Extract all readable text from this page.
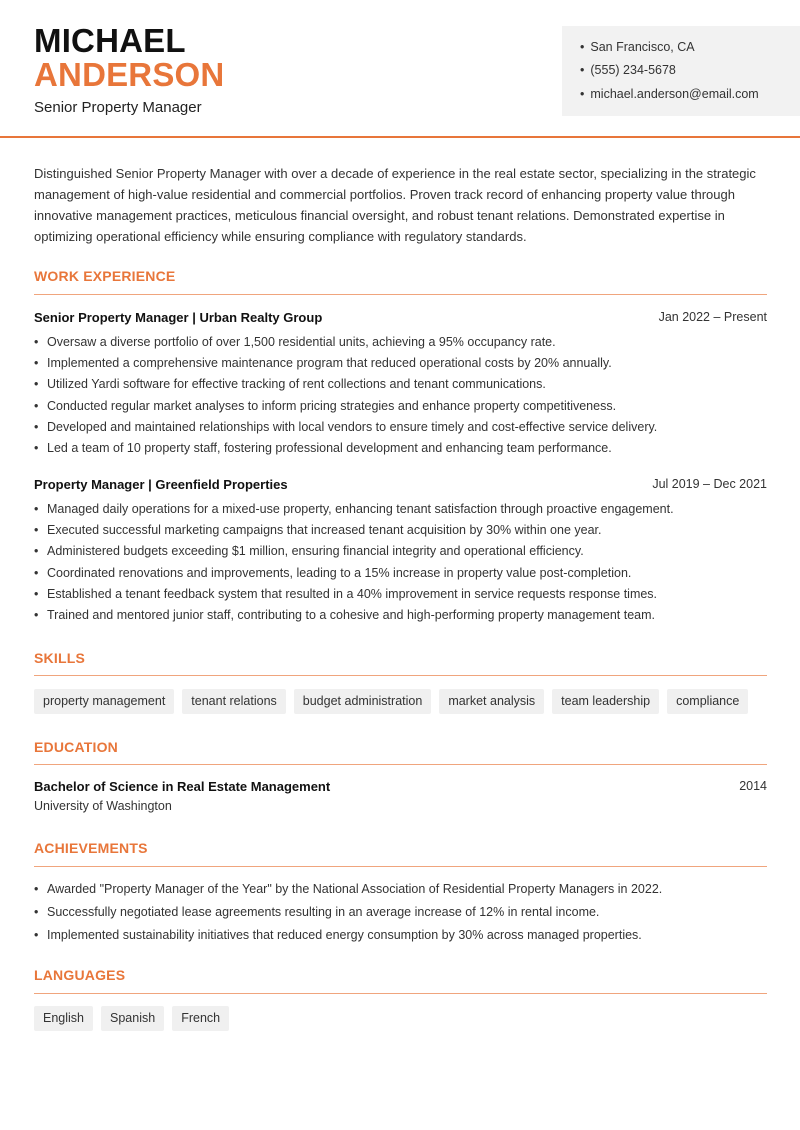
MICHAEL
ANDERSON
Senior Property Manager
• San Francisco, CA
• (555) 234-5678
• michael.anderson@email.com
Distinguished Senior Property Manager with over a decade of experience in the real estate sector, specializing in the strategic management of high-value residential and commercial portfolios. Proven track record of enhancing property value through innovative management practices, meticulous financial oversight, and robust tenant relations. Demonstrated expertise in optimizing operational efficiency while ensuring compliance with regulatory standards.
WORK EXPERIENCE
Senior Property Manager | Urban Realty Group	Jan 2022 – Present
• Oversaw a diverse portfolio of over 1,500 residential units, achieving a 95% occupancy rate.
• Implemented a comprehensive maintenance program that reduced operational costs by 20% annually.
• Utilized Yardi software for effective tracking of rent collections and tenant communications.
• Conducted regular market analyses to inform pricing strategies and enhance property competitiveness.
• Developed and maintained relationships with local vendors to ensure timely and cost-effective service delivery.
• Led a team of 10 property staff, fostering professional development and enhancing team performance.
Property Manager | Greenfield Properties	Jul 2019 – Dec 2021
• Managed daily operations for a mixed-use property, enhancing tenant satisfaction through proactive engagement.
• Executed successful marketing campaigns that increased tenant acquisition by 30% within one year.
• Administered budgets exceeding $1 million, ensuring financial integrity and operational efficiency.
• Coordinated renovations and improvements, leading to a 15% increase in property value post-completion.
• Established a tenant feedback system that resulted in a 40% improvement in service requests response times.
• Trained and mentored junior staff, contributing to a cohesive and high-performing property management team.
SKILLS
property management	tenant relations	budget administration	market analysis	team leadership	compliance
EDUCATION
Bachelor of Science in Real Estate Management	2014
University of Washington
ACHIEVEMENTS
• Awarded "Property Manager of the Year" by the National Association of Residential Property Managers in 2022.
• Successfully negotiated lease agreements resulting in an average increase of 12% in rental income.
• Implemented sustainability initiatives that reduced energy consumption by 30% across managed properties.
LANGUAGES
English	Spanish	French
